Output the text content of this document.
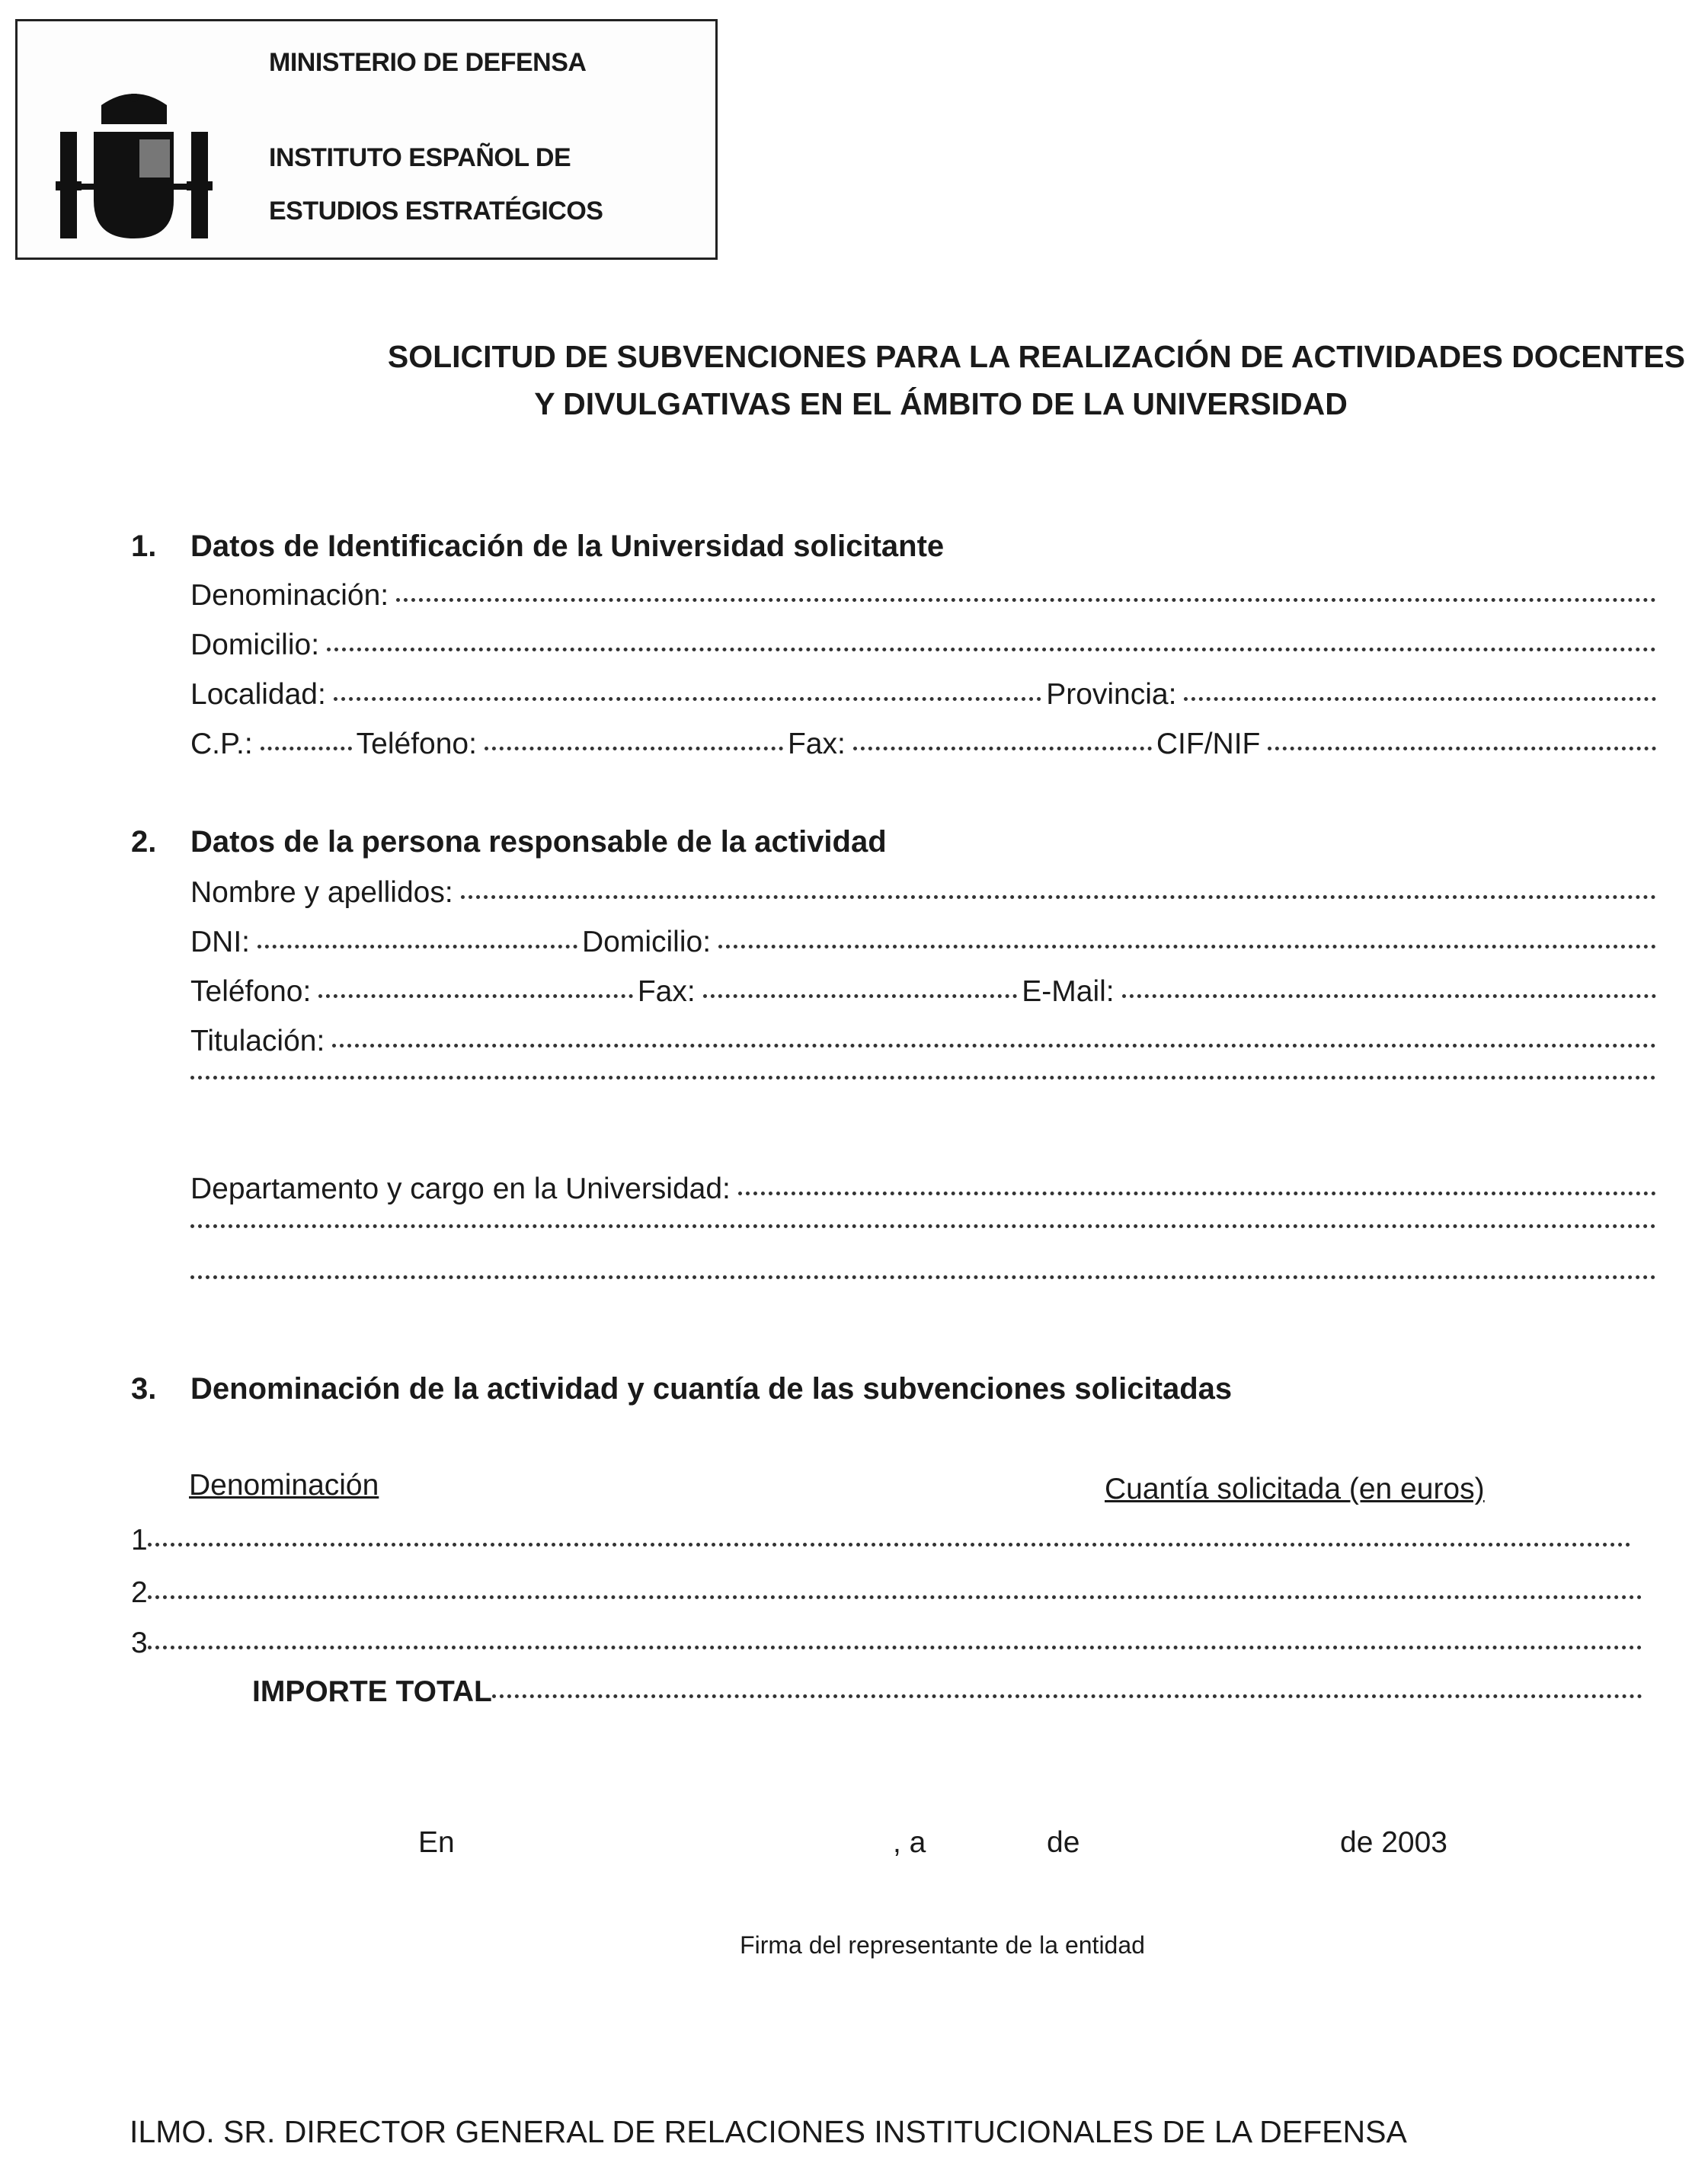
MINISTERIO DE DEFENSA
INSTITUTO ESPAÑOL DE
ESTUDIOS ESTRATÉGICOS
SOLICITUD DE SUBVENCIONES PARA LA REALIZACIÓN DE ACTIVIDADES DOCENTES
Y DIVULGATIVAS EN EL ÁMBITO DE LA UNIVERSIDAD
1. Datos de Identificación de la Universidad solicitante
Denominación:
Domicilio:
Localidad:	Provincia:
C.P.:	Teléfono:	Fax:	CIF/NIF
2. Datos de la persona responsable de la actividad
Nombre y apellidos:
DNI:	Domicilio:
Teléfono:	Fax:	E-Mail:
Titulación:
Departamento y cargo en la Universidad:
3. Denominación de la actividad y cuantía de las subvenciones solicitadas
Denominación	Cuantía solicitada (en euros)
1
2
3
IMPORTE TOTAL
En	, a	de	de 2003
Firma del representante de la entidad
ILMO. SR. DIRECTOR GENERAL DE RELACIONES INSTITUCIONALES DE LA DEFENSA
